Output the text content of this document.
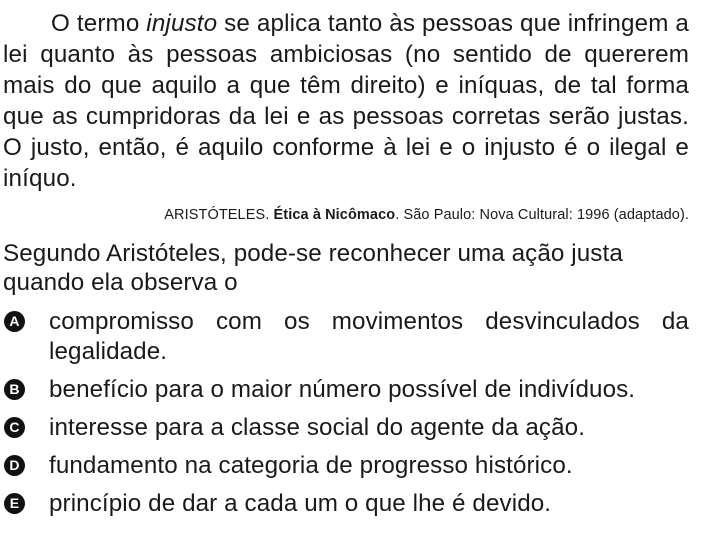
O termo injusto se aplica tanto às pessoas que infringem a lei quanto às pessoas ambiciosas (no sentido de quererem mais do que aquilo a que têm direito) e iníquas, de tal forma que as cumpridoras da lei e as pessoas corretas serão justas. O justo, então, é aquilo conforme à lei e o injusto é o ilegal e iníquo.

ARISTÓTELES. Ética à Nicômaco. São Paulo: Nova Cultural: 1996 (adaptado).

Segundo Aristóteles, pode-se reconhecer uma ação justa quando ela observa o

A compromisso com os movimentos desvinculados da legalidade.
B benefício para o maior número possível de indivíduos.
C interesse para a classe social do agente da ação.
D fundamento na categoria de progresso histórico.
E princípio de dar a cada um o que lhe é devido.
